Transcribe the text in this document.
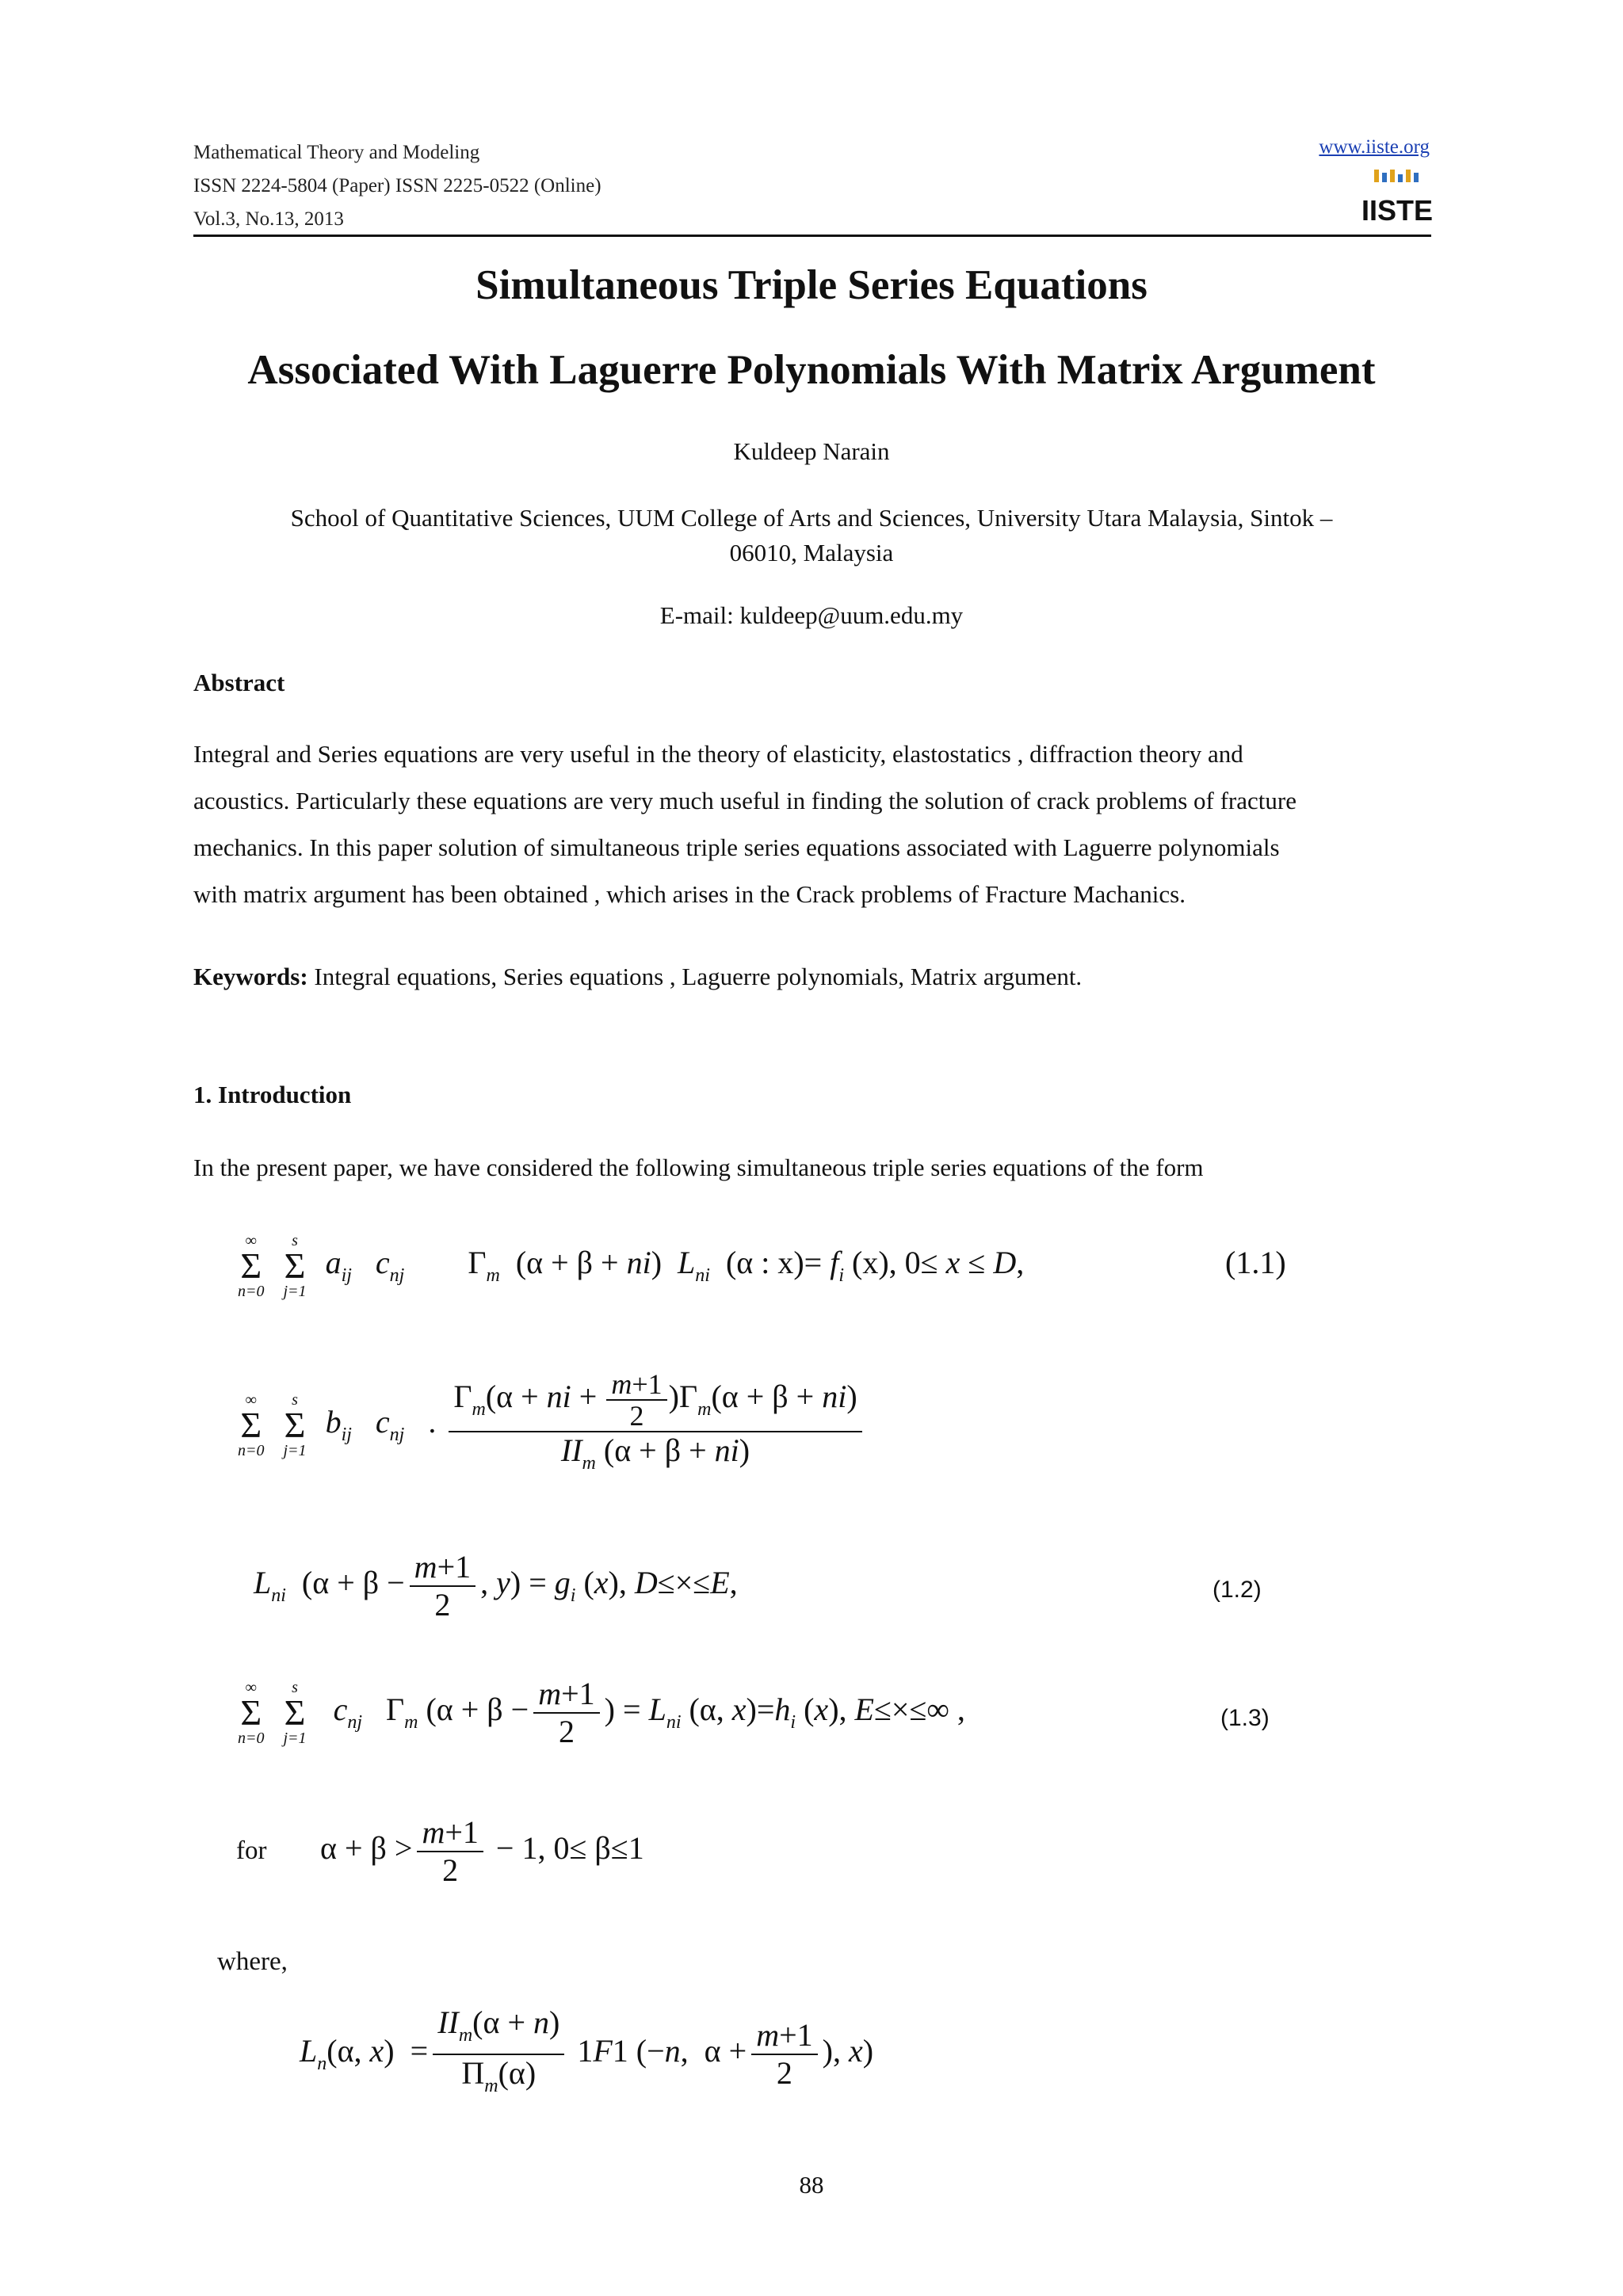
Mathematical Theory and Modeling
ISSN 2224-5804 (Paper) ISSN 2225-0522 (Online)
Vol.3, No.13, 2013
www.iiste.org
IISTE
Simultaneous Triple Series Equations
Associated With Laguerre Polynomials With Matrix Argument
Kuldeep Narain
School of Quantitative Sciences, UUM College of Arts and Sciences, University Utara Malaysia, Sintok –
06010, Malaysia
E-mail: kuldeep@uum.edu.my
Abstract
Integral and Series equations are very useful in the theory of elasticity, elastostatics , diffraction theory and
acoustics. Particularly these equations are very much useful in finding the solution of crack problems of fracture
mechanics. In this paper solution of simultaneous triple series equations associated with Laguerre polynomials
with matrix argument has been obtained , which arises in the Crack problems of Fracture Machanics.
Keywords: Integral equations, Series equations , Laguerre polynomials, Matrix argument.
1. Introduction
In the present paper, we have considered the following simultaneous triple series equations of the form
∞
Σ
n=0

s
Σ
j=1
$a_{ij}$ $c_{nj}$        $\Gamma_m$  (α + β + ni)  $L_{ni}$  (α : $x)= f_i$ (x), 0≤ x ≤ D,	(1.1)
∞
Σ
n=0

s
Σ
j=1
$b_{ij}$ $c_{nj}$   . $\frac{\Gamma_m(\alpha + ni + \frac{m+1}{2} )\Gamma_m(\alpha + \beta + ni)}{II_m (\alpha + \beta + ni)}$
$L_{ni}$  ($\alpha + \beta - \frac{m+1}{2}$ , $y) = g_i$ (x), D≤×≤E,	(1.2)
∞
Σ
n=0

s
Σ
j=1
$c_{nj}$   $\Gamma_m$ ($\alpha + \beta - \frac{m+1}{2}$ ) = $L_{ni}$ (α, $x)=h_i$ (x), E≤×≤∞ ,	(1.3)
for $\alpha + \beta > \frac{m+1}{2} - 1$, 0≤ β≤1
where,
$L_n(\alpha$, $x) = \frac{II_m(\alpha + n)}{\Pi_m(\alpha)} 1F1$ (−n,  $\alpha + \frac{m+1}{2}$ ), x)
88
